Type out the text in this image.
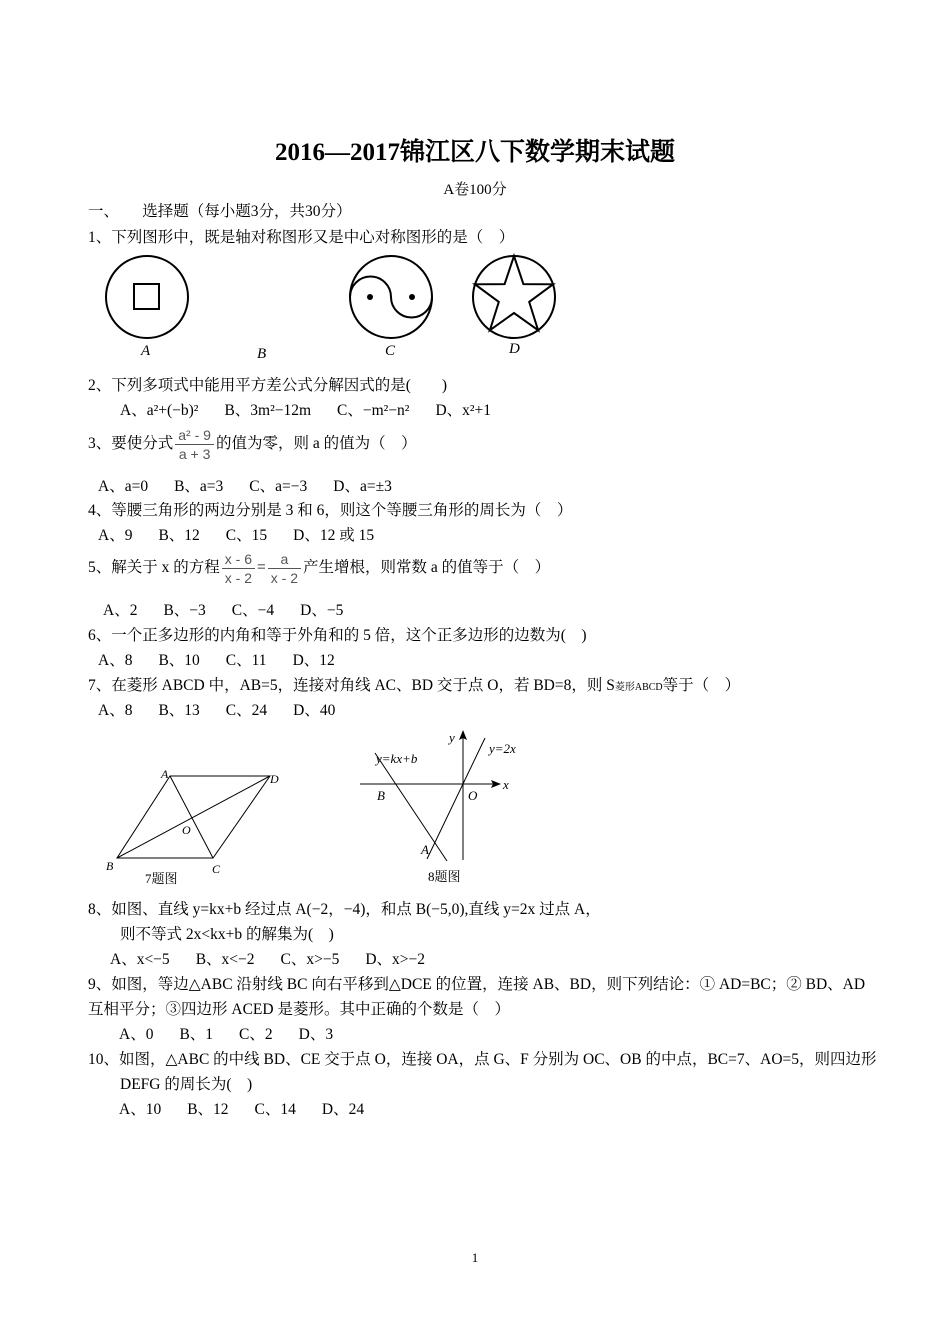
2016—2017锦江区八下数学期末试题
A卷100分
一、　　选择题（每小题3分，共30分）
1、下列图形中，既是轴对称图形又是中心对称图形的是（　）
A	B	C	D
2、下列多项式中能用平方差公式分解因式的是(　　)
A、a²+(−b)² B、3m²−12m C、−m²−n² D、x²+1
3、要使分式 $\frac{\text{a² - 9}}{a + 3}$ 的值为零，则 a 的值为（　）
A、a=0 B、a=3 C、a=−3 D、a=±3
4、等腰三角形的两边分别是 3 和 6，则这个等腰三角形的周长为（　）
A、9 B、12 C、15 D、12 或 15
5、解关于 x 的方程 $\frac{x - 6}{x - 2} = \frac{a}{x - 2}$ 产生增根，则常数 a 的值等于（　）
A、2 B、−3 C、−4 D、−5
6、一个正多边形的内角和等于外角和的 5 倍，这个正多边形的边数为(　)
A、8 B、10 C、11 D、12
7、在菱形 ABCD 中，AB=5，连接对角线 AC、BD 交于点 O，若 BD=8，则 S菱形ABCD等于（　）
A、8 B、13 C、24 D、40
A	D
O
B	C
7题图
y
y=2x
y=kx+b
x
B	O
A
8题图
8、如图、直线 y=kx+b 经过点 A(−2，−4)，和点 B(−5,0),直线 y=2x 过点 A，
则不等式 2x<kx+b 的解集为(　)
A、x<−5 B、x<−2 C、x>−5 D、x>−2
9、如图，等边△ABC 沿射线 BC 向右平移到△DCE 的位置，连接 AB、BD，则下列结论：① AD=BC；② BD、AD
互相平分；③四边形 ACED 是菱形。其中正确的个数是（　）
A、0 B、1 C、2 D、3
10、如图，△ABC 的中线 BD、CE 交于点 O，连接 OA，点 G、F 分别为 OC、OB 的中点，BC=7、AO=5，则四边形
DEFG 的周长为(　)
A、10 B、12 C、14 D、24
1
